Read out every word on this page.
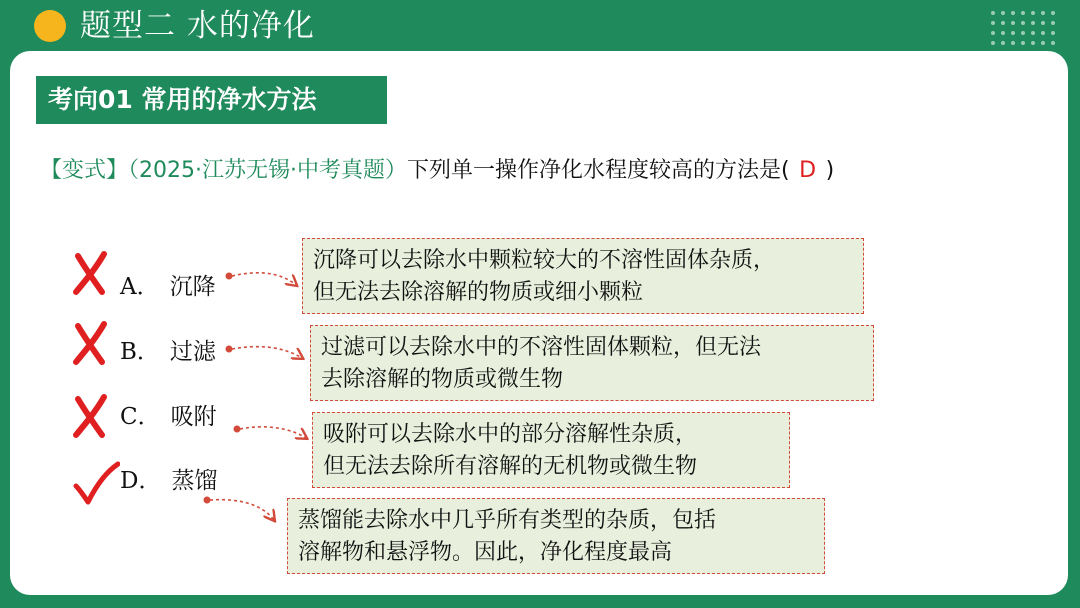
题型二 水的净化
考向01 常用的净水方法
【变式】（2025·江苏无锡·中考真题）下列单一操作净化水程度较高的方法是( D )
A． 沉降
B． 过滤
C． 吸附
D． 蒸馏
沉降可以去除水中颗粒较大的不溶性固体杂质，
但无法去除溶解的物质或细小颗粒
过滤可以去除水中的不溶性固体颗粒，但无法
去除溶解的物质或微生物
吸附可以去除水中的部分溶解性杂质，
但无法去除所有溶解的无机物或微生物
蒸馏能去除水中几乎所有类型的杂质，包括
溶解物和悬浮物。因此，净化程度最高
